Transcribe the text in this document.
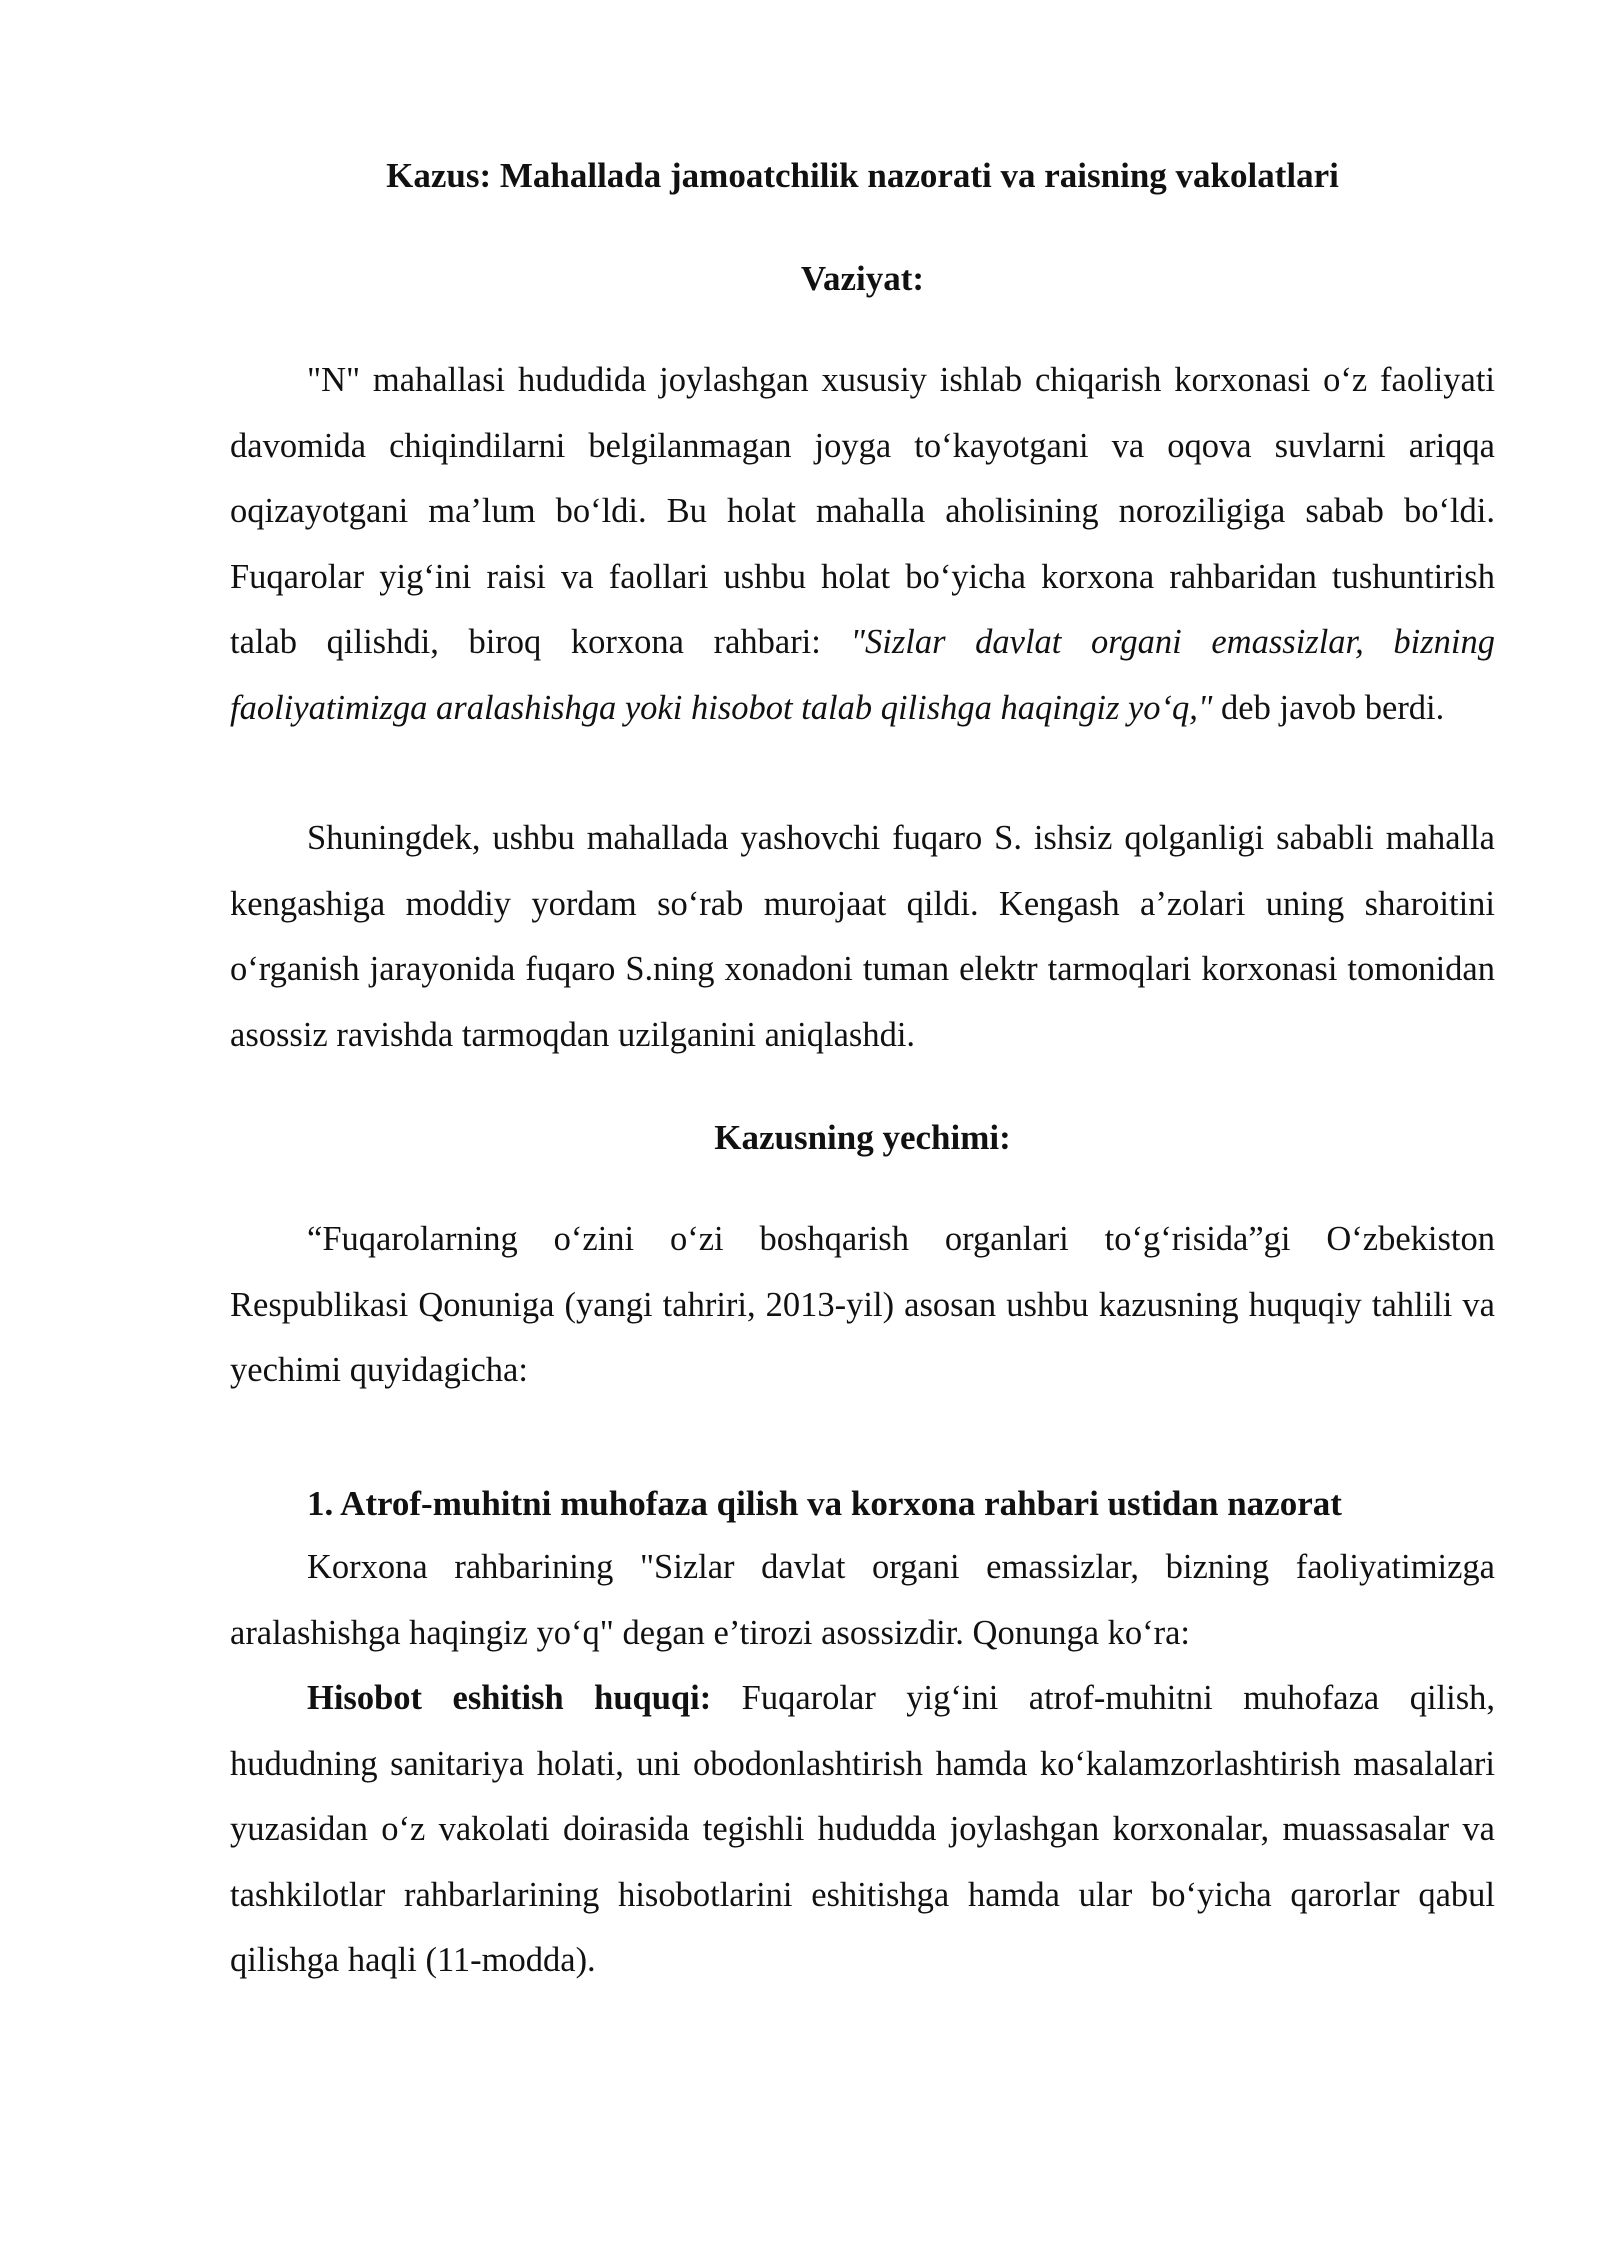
Kazus: Mahallada jamoatchilik nazorati va raisning vakolatlari
Vaziyat:

"N" mahallasi hududida joylashgan xususiy ishlab chiqarish korxonasi o‘z faoliyati davomida chiqindilarni belgilanmagan joyga to‘kayotgani va oqova suvlarni ariqqa oqizayotgani ma’lum bo‘ldi. Bu holat mahalla aholisining noroziligiga sabab bo‘ldi. Fuqarolar yig‘ini raisi va faollari ushbu holat bo‘yicha korxona rahbaridan tushuntirish talab qilishdi, biroq korxona rahbari: "Sizlar davlat organi emassizlar, bizning faoliyatimizga aralashishga yoki hisobot talab qilishga haqingiz yo‘q," deb javob berdi.

Shuningdek, ushbu mahallada yashovchi fuqaro S. ishsiz qolganligi sababli mahalla kengashiga moddiy yordam so‘rab murojaat qildi. Kengash a’zolari uning sharoitini o‘rganish jarayonida fuqaro S.ning xonadoni tuman elektr tarmoqlari korxonasi tomonidan asossiz ravishda tarmoqdan uzilganini aniqlashdi.

Kazusning yechimi:

“Fuqarolarning o‘zini o‘zi boshqarish organlari to‘g‘risida”gi O‘zbekiston Respublikasi Qonuniga (yangi tahriri, 2013-yil) asosan ushbu kazusning huquqiy tahlili va yechimi quyidagicha:

1. Atrof-muhitni muhofaza qilish va korxona rahbari ustidan nazorat

Korxona rahbarining "Sizlar davlat organi emassizlar, bizning faoliyatimizga aralashishga haqingiz yo‘q" degan e’tirozi asossizdir. Qonunga ko‘ra:

Hisobot eshitish huquqi: Fuqarolar yig‘ini atrof-muhitni muhofaza qilish, hududning sanitariya holati, uni obodonlashtirish hamda ko‘kalamzorlashtirish masalalari yuzasidan o‘z vakolati doirasida tegishli hududda joylashgan korxonalar, muassasalar va tashkilotlar rahbarlarining hisobotlarini eshitishga hamda ular bo‘yicha qarorlar qabul qilishga haqli (11-modda).
